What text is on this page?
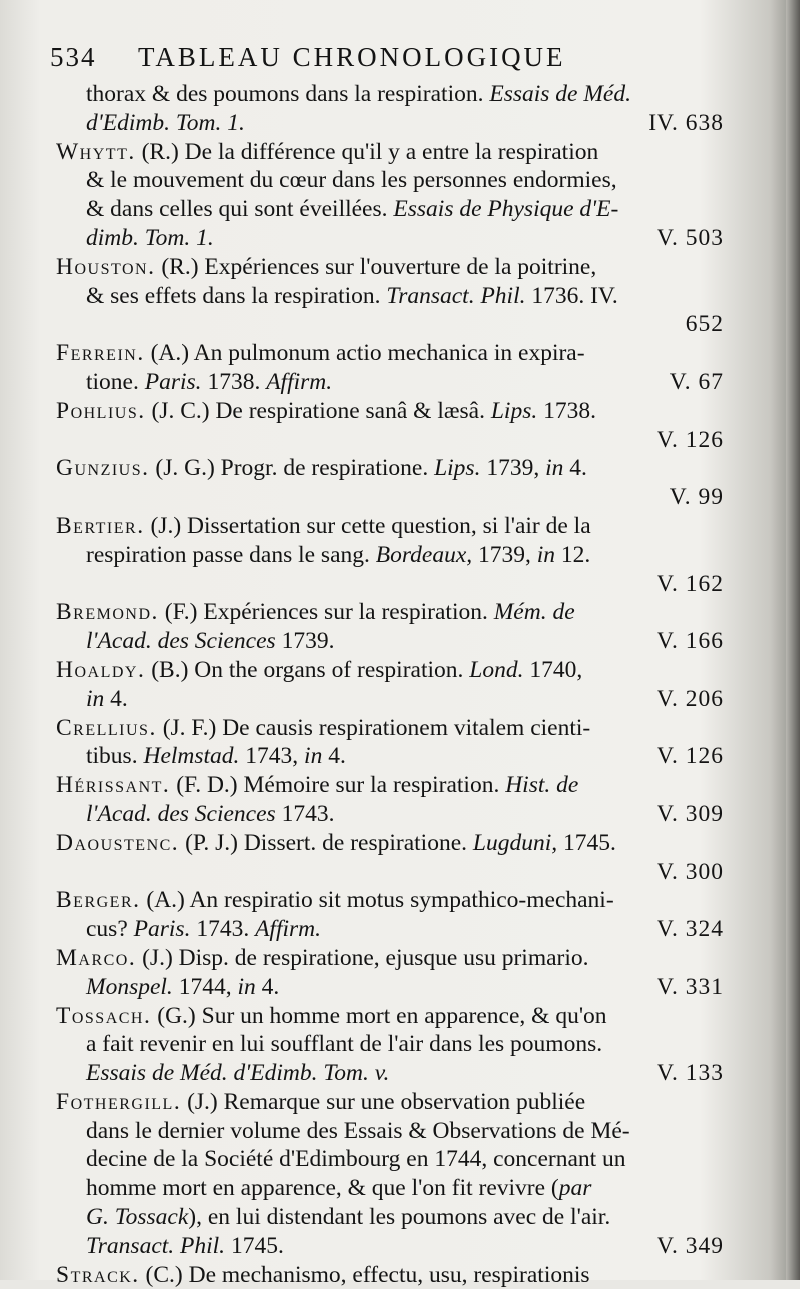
534 TABLEAU CHRONOLOGIQUE
thorax & des poumons dans la respiration. Essais de Méd.
IV. 638
d'Edimb. Tom. 1.
Whytt. (R.) De la différence qu'il y a entre la respiration
& le mouvement du cœur dans les personnes endormies,
& dans celles qui sont éveillées. Essais de Physique d'E-
V. 503
dimb. Tom. 1.
Houston. (R.) Expériences sur l'ouverture de la poitrine,
& ses effets dans la respiration. Transact. Phil. 1736. IV.
652
Ferrein. (A.) An pulmonum actio mechanica in expira-
V. 67
tione. Paris. 1738. Affirm.
Pohlius. (J. C.) De respiratione sanâ & læsâ. Lips. 1738.
V. 126
Gunzius. (J. G.) Progr. de respiratione. Lips. 1739, in 4.
V. 99
Bertier. (J.) Dissertation sur cette question, si l'air de la
respiration passe dans le sang. Bordeaux, 1739, in 12.
V. 162
Bremond. (F.) Expériences sur la respiration. Mém. de
V. 166
l'Acad. des Sciences 1739.
Hoaldy. (B.) On the organs of respiration. Lond. 1740,
V. 206
in 4.
Crellius. (J. F.) De causis respirationem vitalem cienti-
V. 126
tibus. Helmstad. 1743, in 4.
Hérissant. (F. D.) Mémoire sur la respiration. Hist. de
V. 309
l'Acad. des Sciences 1743.
Daoustenc. (P. J.) Dissert. de respiratione. Lugduni, 1745.
V. 300
Berger. (A.) An respiratio sit motus sympathico-mechani-
V. 324
cus? Paris. 1743. Affirm.
Marco. (J.) Disp. de respiratione, ejusque usu primario.
V. 331
Monspel. 1744, in 4.
Tossach. (G.) Sur un homme mort en apparence, & qu'on
a fait revenir en lui soufflant de l'air dans les poumons.
V. 133
Essais de Méd. d'Edimb. Tom. v.
Fothergill. (J.) Remarque sur une observation publiée
dans le dernier volume des Essais & Observations de Mé-
decine de la Société d'Edimbourg en 1744, concernant un
homme mort en apparence, & que l'on fit revivre (par
G. Tossack), en lui distendant les poumons avec de l'air.
V. 349
Transact. Phil. 1745.
Strack. (C.) De mechanismo, effectu, usu, respirationis
